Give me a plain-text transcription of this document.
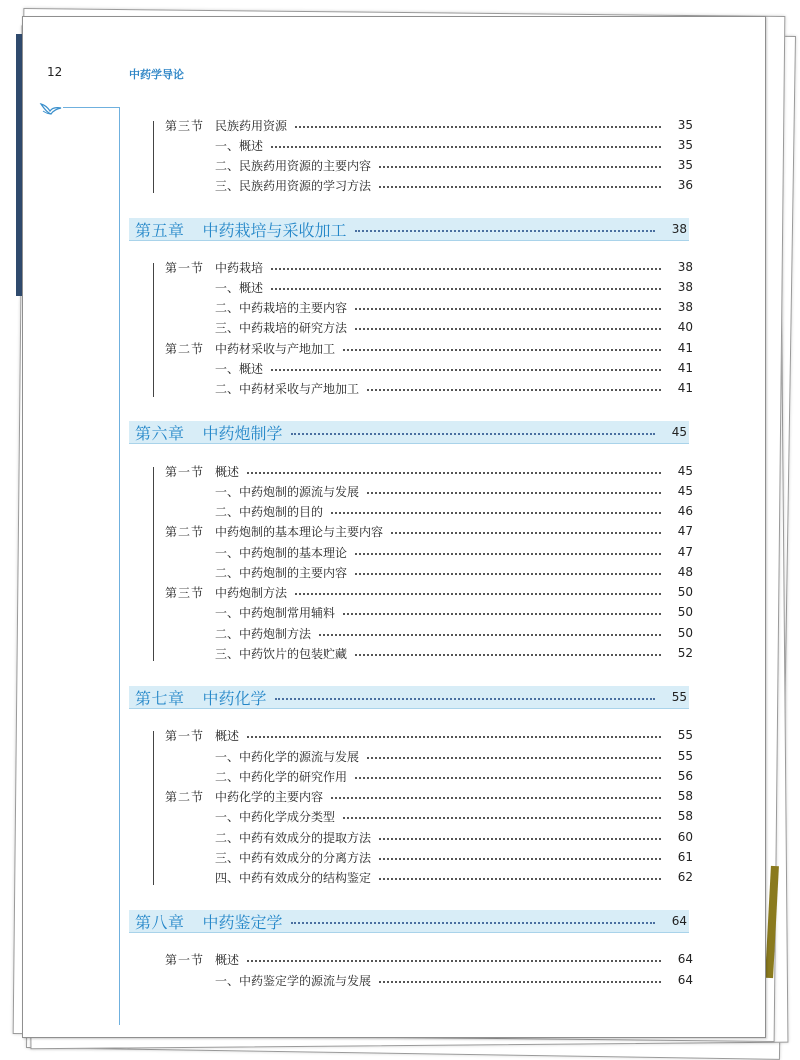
12	中药学导论
第三节 民族药用资源	35
一、概述	35
二、民族药用资源的主要内容	35
三、民族药用资源的学习方法	36
第五章	中药栽培与采收加工	38
第一节 中药栽培	38
一、概述	38
二、中药栽培的主要内容	38
三、中药栽培的研究方法	40
第二节 中药材采收与产地加工	41
一、概述	41
二、中药材采收与产地加工	41
第六章	中药炮制学	45
第一节 概述	45
一、中药炮制的源流与发展	45
二、中药炮制的目的	46
第二节 中药炮制的基本理论与主要内容	47
一、中药炮制的基本理论	47
二、中药炮制的主要内容	48
第三节 中药炮制方法	50
一、中药炮制常用辅料	50
二、中药炮制方法	50
三、中药饮片的包装贮藏	52
第七章	中药化学	55
第一节 概述	55
一、中药化学的源流与发展	55
二、中药化学的研究作用	56
第二节 中药化学的主要内容	58
一、中药化学成分类型	58
二、中药有效成分的提取方法	60
三、中药有效成分的分离方法	61
四、中药有效成分的结构鉴定	62
第八章	中药鉴定学	64
第一节 概述	64
一、中药鉴定学的源流与发展	64
